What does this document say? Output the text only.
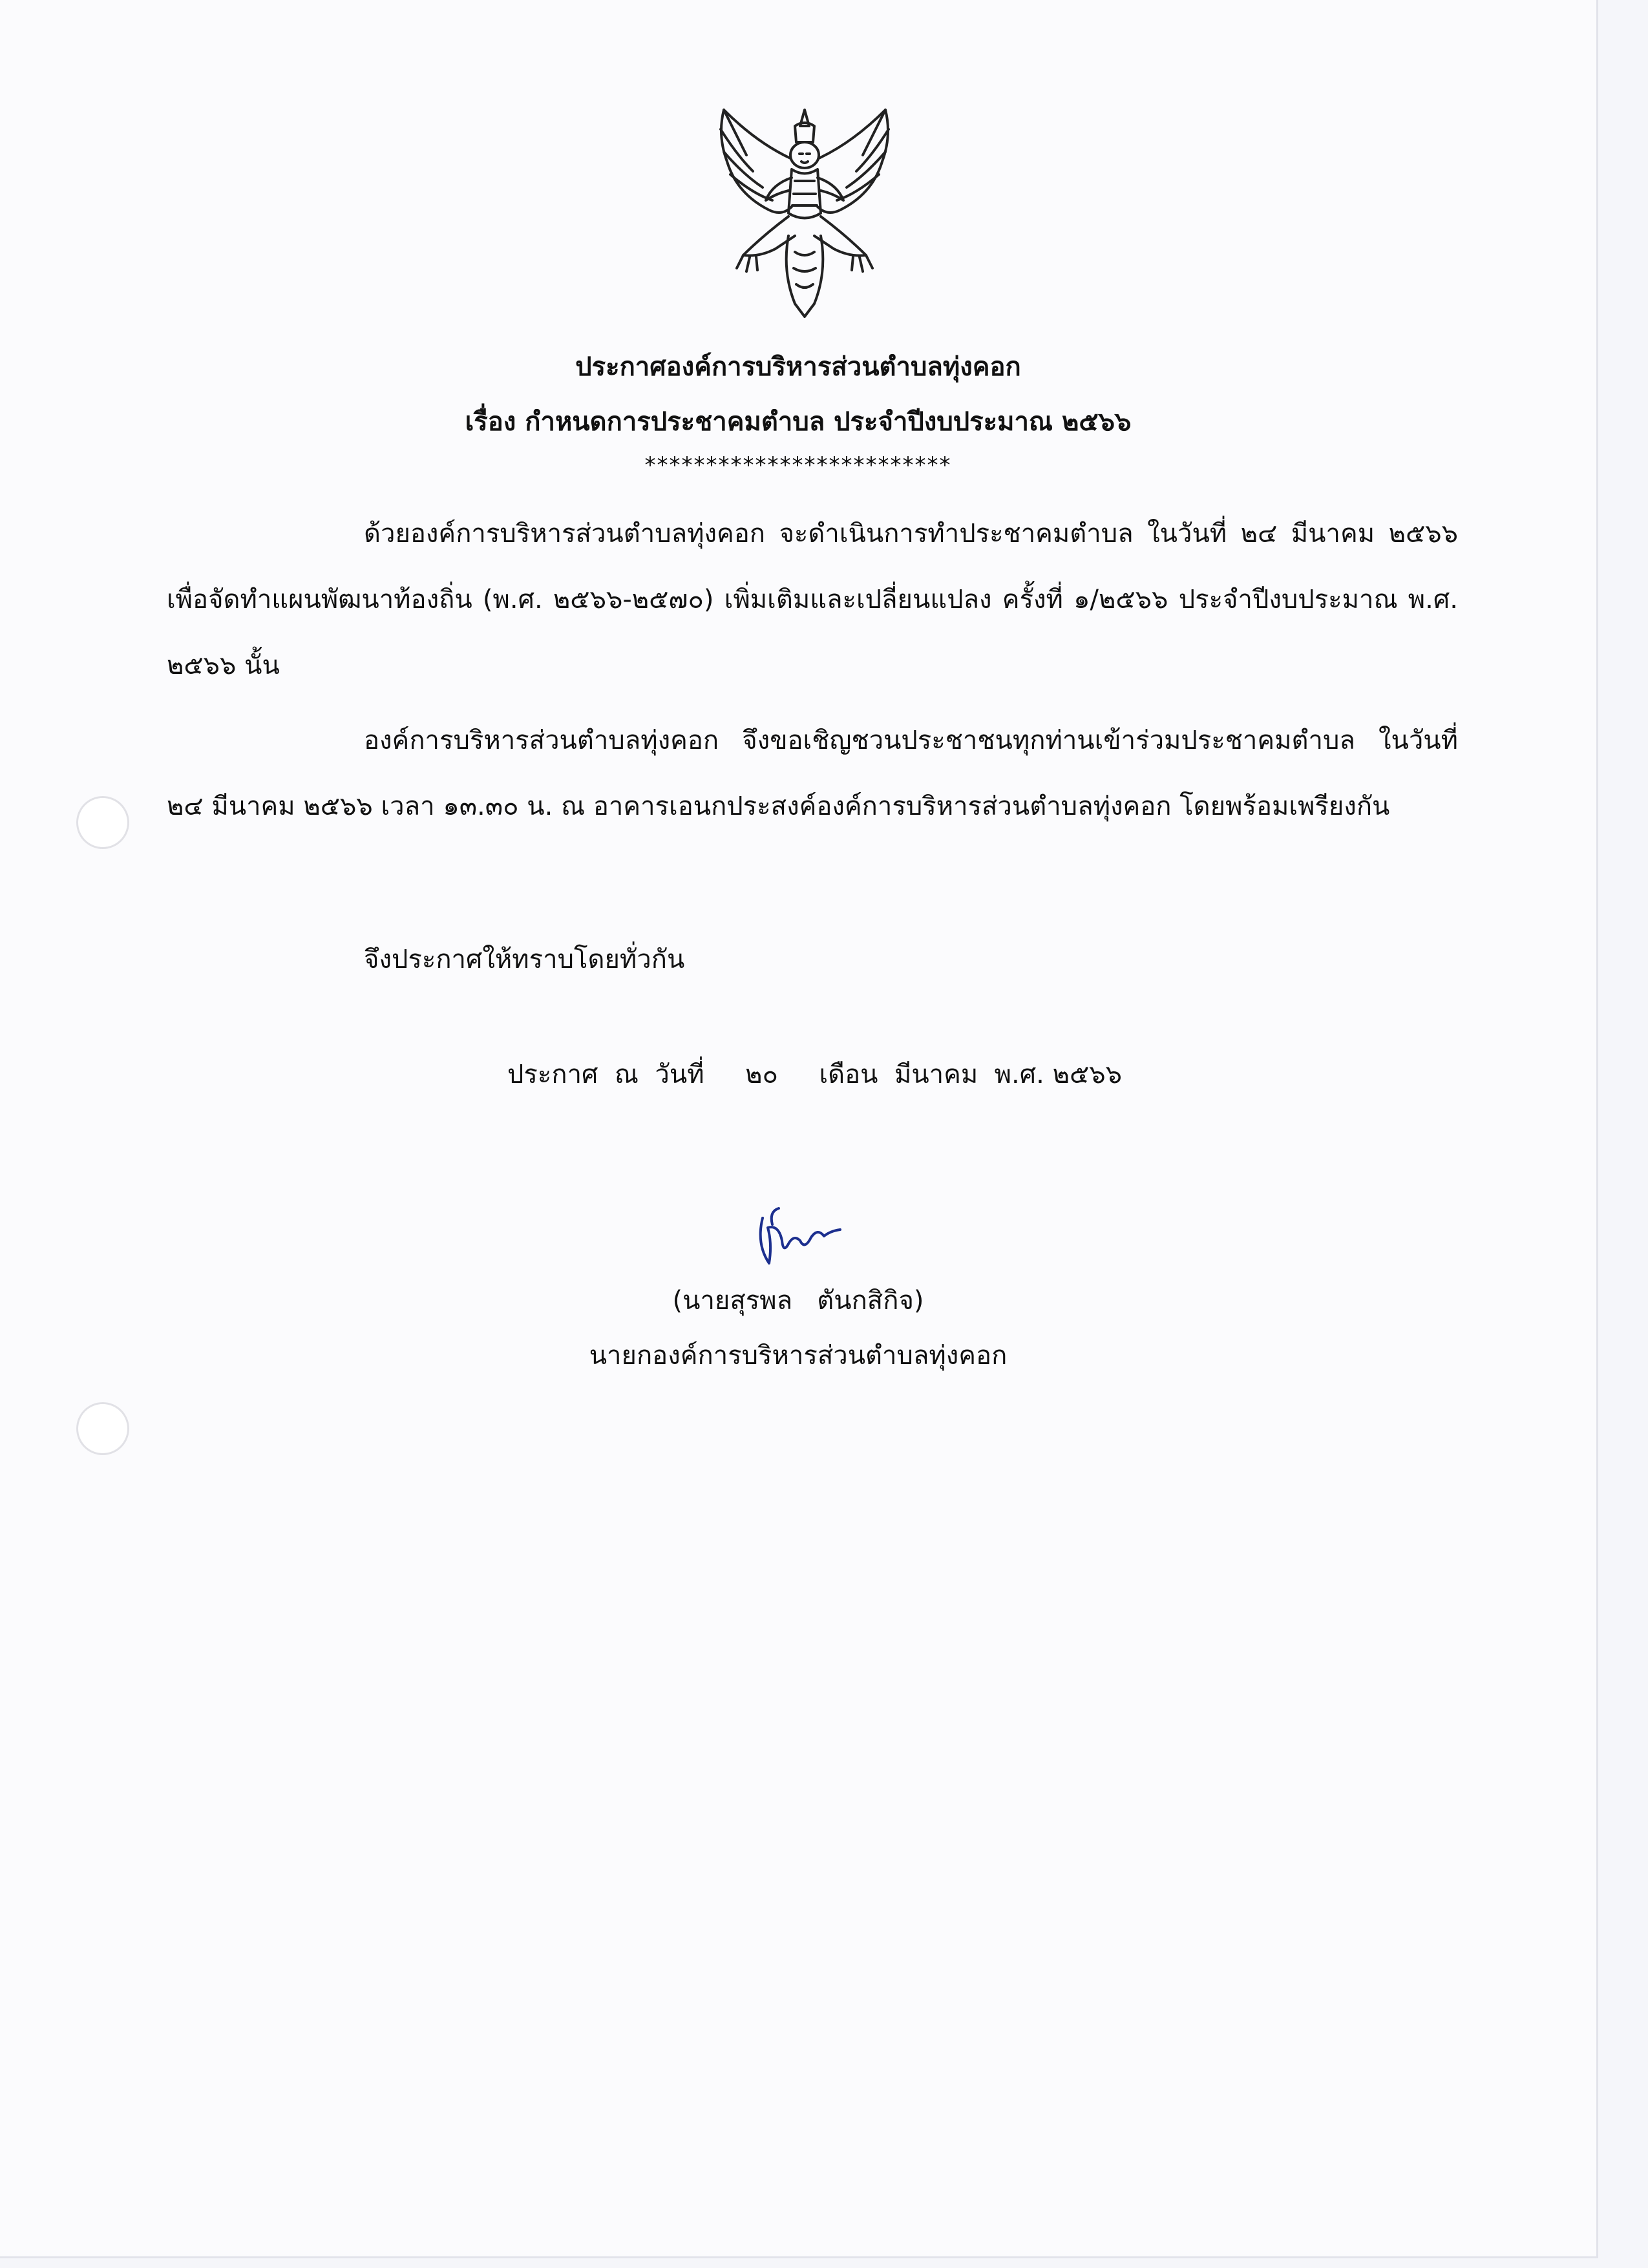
ประกาศองค์การบริหารส่วนตำบลทุ่งคอก
เรื่อง กำหนดการประชาคมตำบล ประจำปีงบประมาณ ๒๕๖๖
*************************

ด้วยองค์การบริหารส่วนตำบลทุ่งคอก จะดำเนินการทำประชาคมตำบล ในวันที่ ๒๔ มีนาคม ๒๕๖๖ เพื่อจัดทำแผนพัฒนาท้องถิ่น (พ.ศ. ๒๕๖๖-๒๕๗๐) เพิ่มเติมและเปลี่ยนแปลง ครั้งที่ ๑/๒๕๖๖ ประจำปีงบประมาณ พ.ศ. ๒๕๖๖ นั้น

องค์การบริหารส่วนตำบลทุ่งคอก จึงขอเชิญชวนประชาชนทุกท่านเข้าร่วมประชาคมตำบล ในวันที่ ๒๔ มีนาคม ๒๕๖๖ เวลา ๑๓.๓๐ น. ณ อาคารเอนกประสงค์องค์การบริหารส่วนตำบลทุ่งคอก โดยพร้อมเพรียงกัน

จึงประกาศให้ทราบโดยทั่วกัน
ประกาศ  ณ  วันที่     ๒๐     เดือน  มีนาคม  พ.ศ. ๒๕๖๖
(นายสุรพล   ตันกสิกิจ)
นายกองค์การบริหารส่วนตำบลทุ่งคอก
